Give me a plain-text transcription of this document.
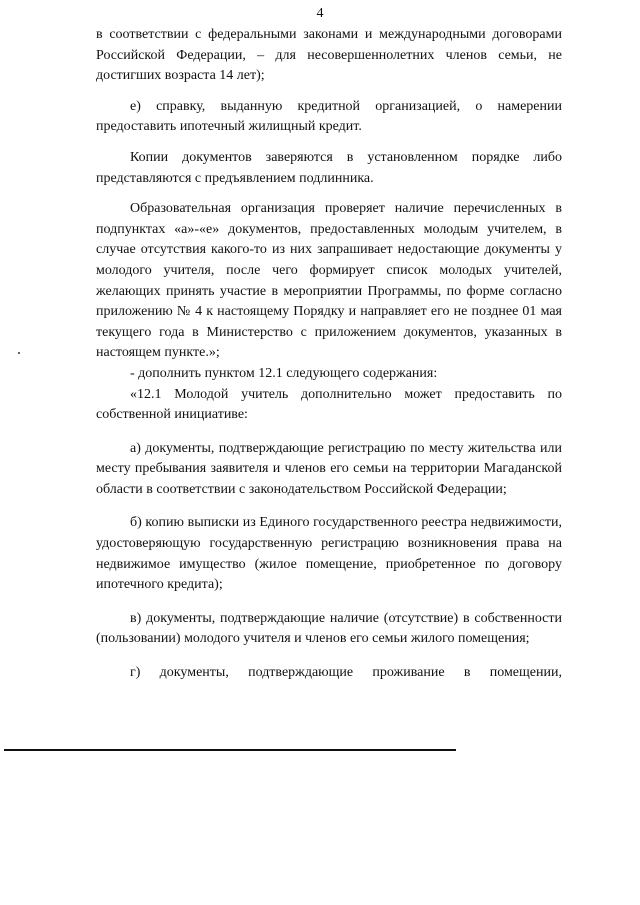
4

в соответствии с федеральными законами и международными договорами Российской Федерации, – для несовершеннолетних членов семьи, не достигших возраста 14 лет);

е) справку, выданную кредитной организацией, о намерении предоставить ипотечный жилищный кредит.

Копии документов заверяются в установленном порядке либо представляются с предъявлением подлинника.

Образовательная организация проверяет наличие перечисленных в подпунктах «а»-«е» документов, предоставленных молодым учителем, в случае отсутствия какого-то из них запрашивает недостающие документы у молодого учителя, после чего формирует список молодых учителей, желающих принять участие в мероприятии Программы, по форме согласно приложению № 4 к настоящему Порядку и направляет его не позднее 01 мая текущего года в Министерство с приложением документов, указанных в настоящем пункте.»;

- дополнить пунктом 12.1 следующего содержания:

«12.1 Молодой учитель дополнительно может предоставить по собственной инициативе:

а) документы, подтверждающие регистрацию по месту жительства или месту пребывания заявителя и членов его семьи на территории Магаданской области в соответствии с законодательством Российской Федерации;

б) копию выписки из Единого государственного реестра недвижимости, удостоверяющую государственную регистрацию возникновения права на недвижимое имущество (жилое помещение, приобретенное по договору ипотечного кредита);

в) документы, подтверждающие наличие (отсутствие) в собственности (пользовании) молодого учителя и членов его семьи жилого помещения;

г) документы, подтверждающие проживание в помещении,
